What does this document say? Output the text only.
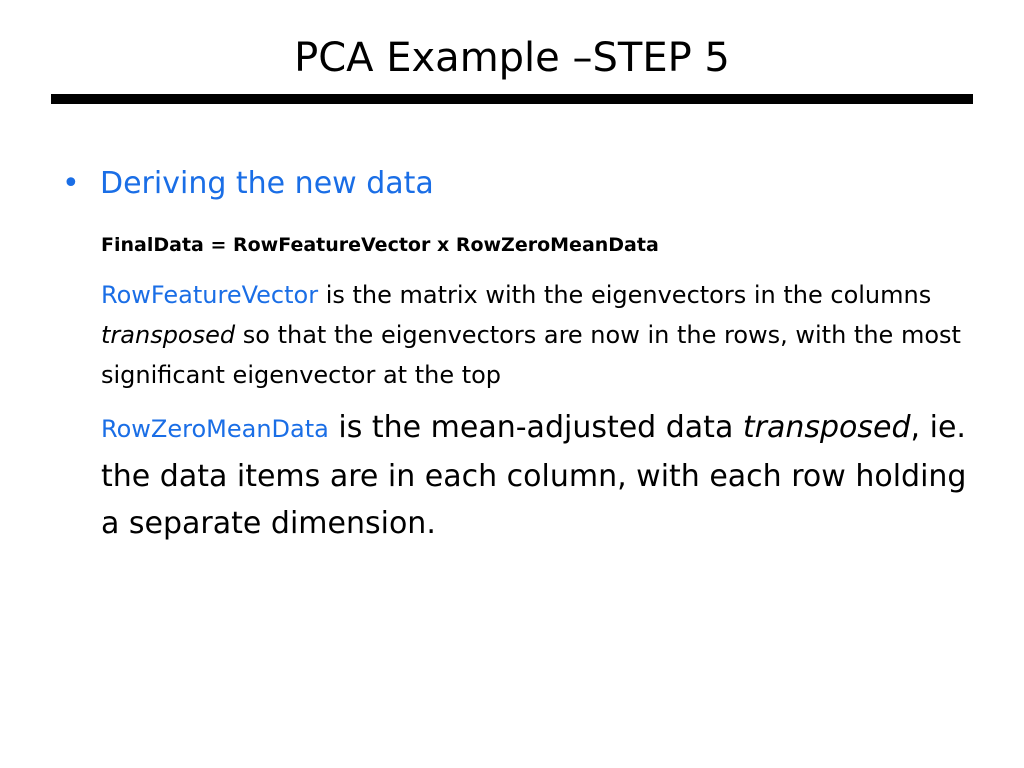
PCA Example –STEP 5
• Deriving the new data
FinalData = RowFeatureVector x RowZeroMeanData

RowFeatureVector is the matrix with the eigenvectors in the columns transposed so that the eigenvectors are now in the rows, with the most significant eigenvector at the top

RowZeroMeanData is the mean-adjusted data transposed, ie. the data items are in each column, with each row holding a separate dimension.
